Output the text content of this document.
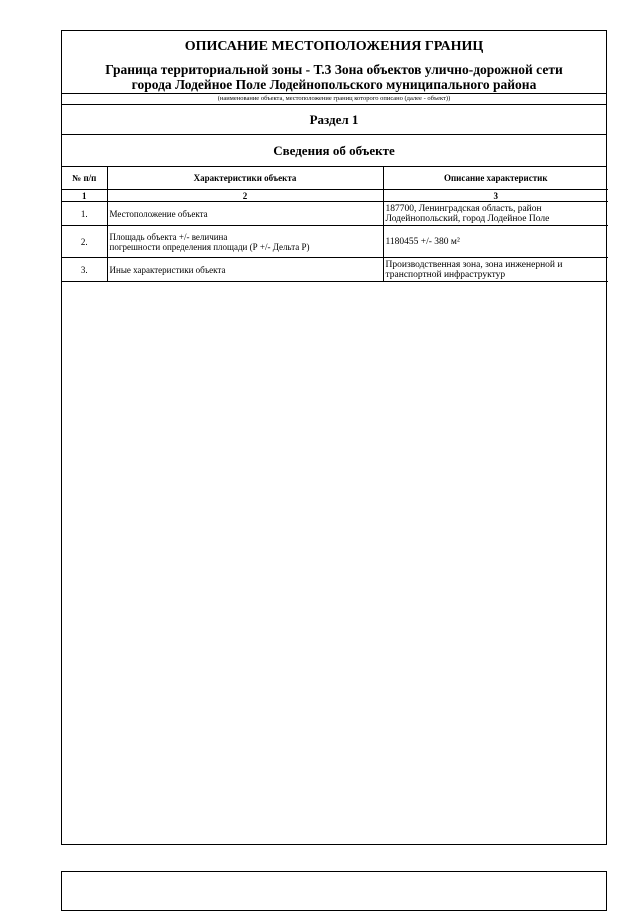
ОПИСАНИЕ МЕСТОПОЛОЖЕНИЯ ГРАНИЦ
Граница территориальной зоны - Т.3 Зона объектов улично-дорожной сети
города Лодейное Поле Лодейнопольского муниципального района
(наименование объекта, местоположение границ которого описано (далее - объект))
Раздел 1
Сведения об объекте
№ п/п	Характеристики объекта	Описание характеристик
1	2	3
1.	Местоположение объекта	187700, Ленинградская область, район
Лодейнопольский, город Лодейное Поле

2.	Площадь объекта +/- величина
погрешности определения площади (Р +/- Дельта Р)	1180455 +/- 380 м²

3.	Иные характеристики объекта	Производственная зона, зона инженерной и
транспортной инфраструктур
